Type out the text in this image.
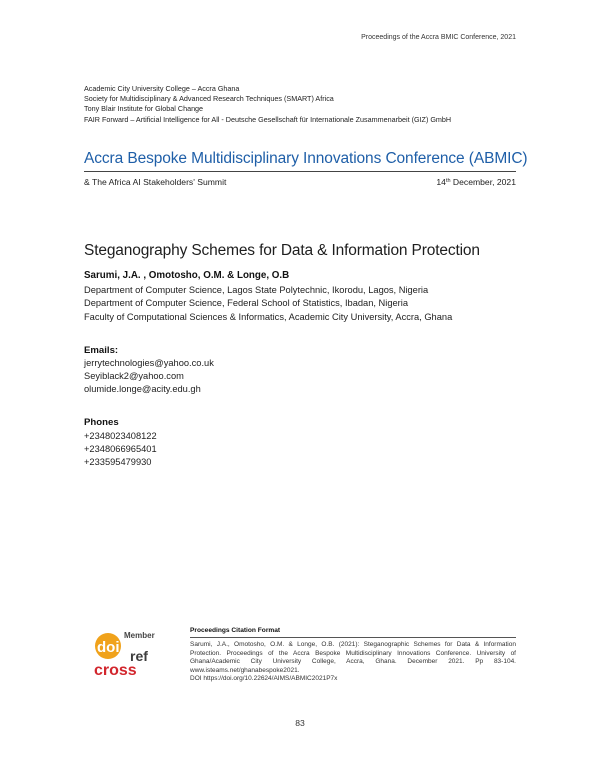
Proceedings of the Accra BMIC Conference, 2021
Academic City University College – Accra Ghana
Society for Multidisciplinary & Advanced Research Techniques (SMART) Africa
Tony Blair Institute for Global Change
FAIR Forward – Artificial Intelligence for All - Deutsche Gesellschaft für Internationale Zusammenarbeit (GIZ) GmbH
Accra Bespoke Multidisciplinary Innovations Conference (ABMIC)
& The Africa AI Stakeholders' Summit	14th December, 2021
Steganography Schemes for Data & Information Protection
Sarumi, J.A. , Omotosho, O.M. & Longe, O.B
Department of Computer Science, Lagos State Polytechnic, Ikorodu, Lagos, Nigeria
Department of Computer Science, Federal School of Statistics, Ibadan, Nigeria
Faculty of Computational Sciences & Informatics, Academic City University, Accra, Ghana
Emails:
jerrytechnologies@yahoo.co.uk
Seyiblack2@yahoo.com
olumide.longe@acity.edu.gh
Phones
+2348023408122
+2348066965401
+233595479930
doi
Member
ref
cross
Proceedings Citation Format
Sarumi, J.A., Omotosho, O.M. & Longe, O.B. (2021): Steganographic Schemes for Data & Information Protection. Proceedings of the Accra Bespoke Multidisciplinary Innovations Conference. University of Ghana/Academic City University College, Accra, Ghana. December 2021. Pp 83-104. www.isteams.net/ghanabespoke2021.
DOI https://doi.org/10.22624/AIMS/ABMIC2021P7x
83
